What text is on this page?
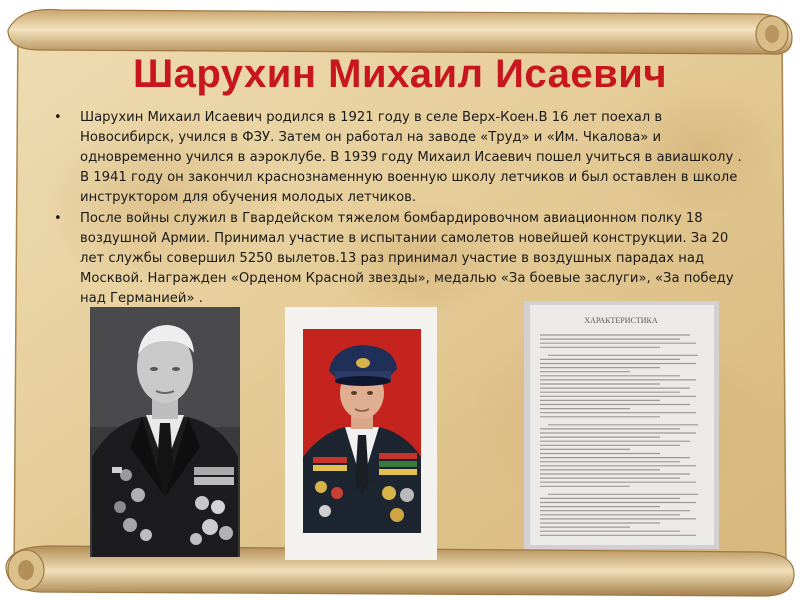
Шарухин Михаил Исаевич
• Шарухин Михаил Исаевич родился в 1921 году в селе Верх-Коен.В 16 лет поехал в Новосибирск, учился в ФЗУ. Затем он работал на заводе «Труд» и «Им. Чкалова» и одновременно учился в аэроклубе. В 1939 году Михаил Исаевич пошел учиться в авиашколу . В 1941 году он закончил краснознаменную военную школу летчиков и был оставлен в школе инструктором для обучения молодых летчиков.
• После войны служил в Гвардейском тяжелом бомбардировочном авиационном полку 18 воздушной Армии. Принимал участие в испытании самолетов новейшей конструкции. За 20 лет службы совершил 5250 вылетов.13 раз принимал участие в воздушных парадах над Москвой. Награжден «Орденом Красной звезды», медалью «За боевые заслуги», «За победу над Германией» .
ХАРАКТЕРИСТИКА
